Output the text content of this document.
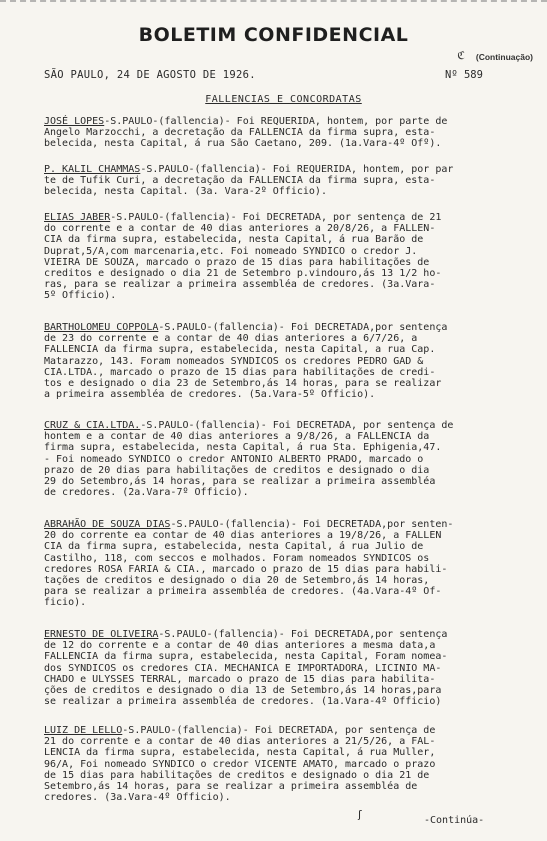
BOLETIM CONFIDENCIAL
ℭ (Continuação)
SÃO PAULO, 24 DE AGOSTO DE 1926.	Nº 589
FALLENCIAS E CONCORDATAS
JOSÉ LOPES-S.PAULO-(fallencia)- Foi REQUERIDA, hontem, por parte de
Angelo Marzocchi, a decretação da FALLENCIA da firma supra, esta-
belecida, nesta Capital, á rua São Caetano, 209. (1a.Vara-4º Ofº).
P. KALIL CHAMMAS-S.PAULO-(fallencia)- Foi REQUERIDA, hontem, por par
te de Tufik Curi, a decretação da FALLENCIA da firma supra, esta-
belecida, nesta Capital. (3a. Vara-2º Officio).
ELIAS JABER-S.PAULO-(fallencia)- Foi DECRETADA, por sentença de 21
do corrente e a contar de 40 dias anteriores a 20/8/26, a FALLEN-
CIA da firma supra, estabelecida, nesta Capital, á rua Barão de
Duprat,5/A,com marcenaria,etc. Foi nomeado SYNDICO o credor J.
VIEIRA DE SOUZA, marcado o prazo de 15 dias para habilitações de
creditos e designado o dia 21 de Setembro p.vindouro,ás 13 1/2 ho-
ras, para se realizar a primeira assembléa de credores. (3a.Vara-
5º Officio).
BARTHOLOMEU COPPOLA-S.PAULO-(fallencia)- Foi DECRETADA,por sentença
de 23 do corrente e a contar de 40 dias anteriores a 6/7/26, a
FALLENCIA da firma supra, estabelecida, nesta Capital, a rua Cap.
Matarazzo, 143. Foram nomeados SYNDICOS os credores PEDRO GAD &
CIA.LTDA., marcado o prazo de 15 dias para habilitações de credi-
tos e designado o dia 23 de Setembro,ás 14 horas, para se realizar
a primeira assembléa de credores. (5a.Vara-5º Officio).
CRUZ & CIA.LTDA.-S.PAULO-(fallencia)- Foi DECRETADA, por sentença de
hontem e a contar de 40 dias anteriores a 9/8/26, a FALLENCIA da
firma supra, estabelecida, nesta Capital, á rua Sta. Ephigenia,47.
- Foi nomeado SYNDICO o credor ANTONIO ALBERTO PRADO, marcado o
prazo de 20 dias para habilitações de creditos e designado o dia
29 do Setembro,ás 14 horas, para se realizar a primeira assembléa
de credores. (2a.Vara-7º Officio).
ABRAHÃO DE SOUZA DIAS-S.PAULO-(fallencia)- Foi DECRETADA,por senten-
20 do corrente ea contar de 40 dias anteriores a 19/8/26, a FALLEN
CIA da firma supra, estabelecida, nesta Capital, á rua Julio de
Castilho, 118, com seccos e molhados. Foram nomeados SYNDICOS os
credores ROSA FARIA & CIA., marcado o prazo de 15 dias para habili-
tações de creditos e designado o dia 20 de Setembro,ás 14 horas,
para se realizar a primeira assembléa de credores. (4a.Vara-4º Of-
ficio).
ERNESTO DE OLIVEIRA-S.PAULO-(fallencia)- Foi DECRETADA,por sentença
de 12 do corrente e a contar de 40 dias anteriores a mesma data,a
FALLENCIA da firma supra, estabelecida, nesta Capital, Foram nomea-
dos SYNDICOS os credores CIA. MECHANICA E IMPORTADORA, LICINIO MA-
CHADO e ULYSSES TERRAL, marcado o prazo de 15 dias para habilita-
ções de creditos e designado o dia 13 de Setembro,ás 14 horas,para
se realizar a primeira assembléa de credores. (1a.Vara-4º Officio)
LUIZ DE LELLO-S.PAULO-(fallencia)- Foi DECRETADA, por sentença de
21 do corrente e a contar de 40 dias anteriores a 21/5/26, a FAL-
LENCIA da firma supra, estabelecida, nesta Capital, á rua Muller,
96/A, Foi nomeado SYNDICO o credor VICENTE AMATO, marcado o prazo
de 15 dias para habilitações de creditos e designado o dia 21 de
Setembro,ás 14 horas, para se realizar a primeira assembléa de
credores. (3a.Vara-4º Officio).
ʃ	-Continúa-
